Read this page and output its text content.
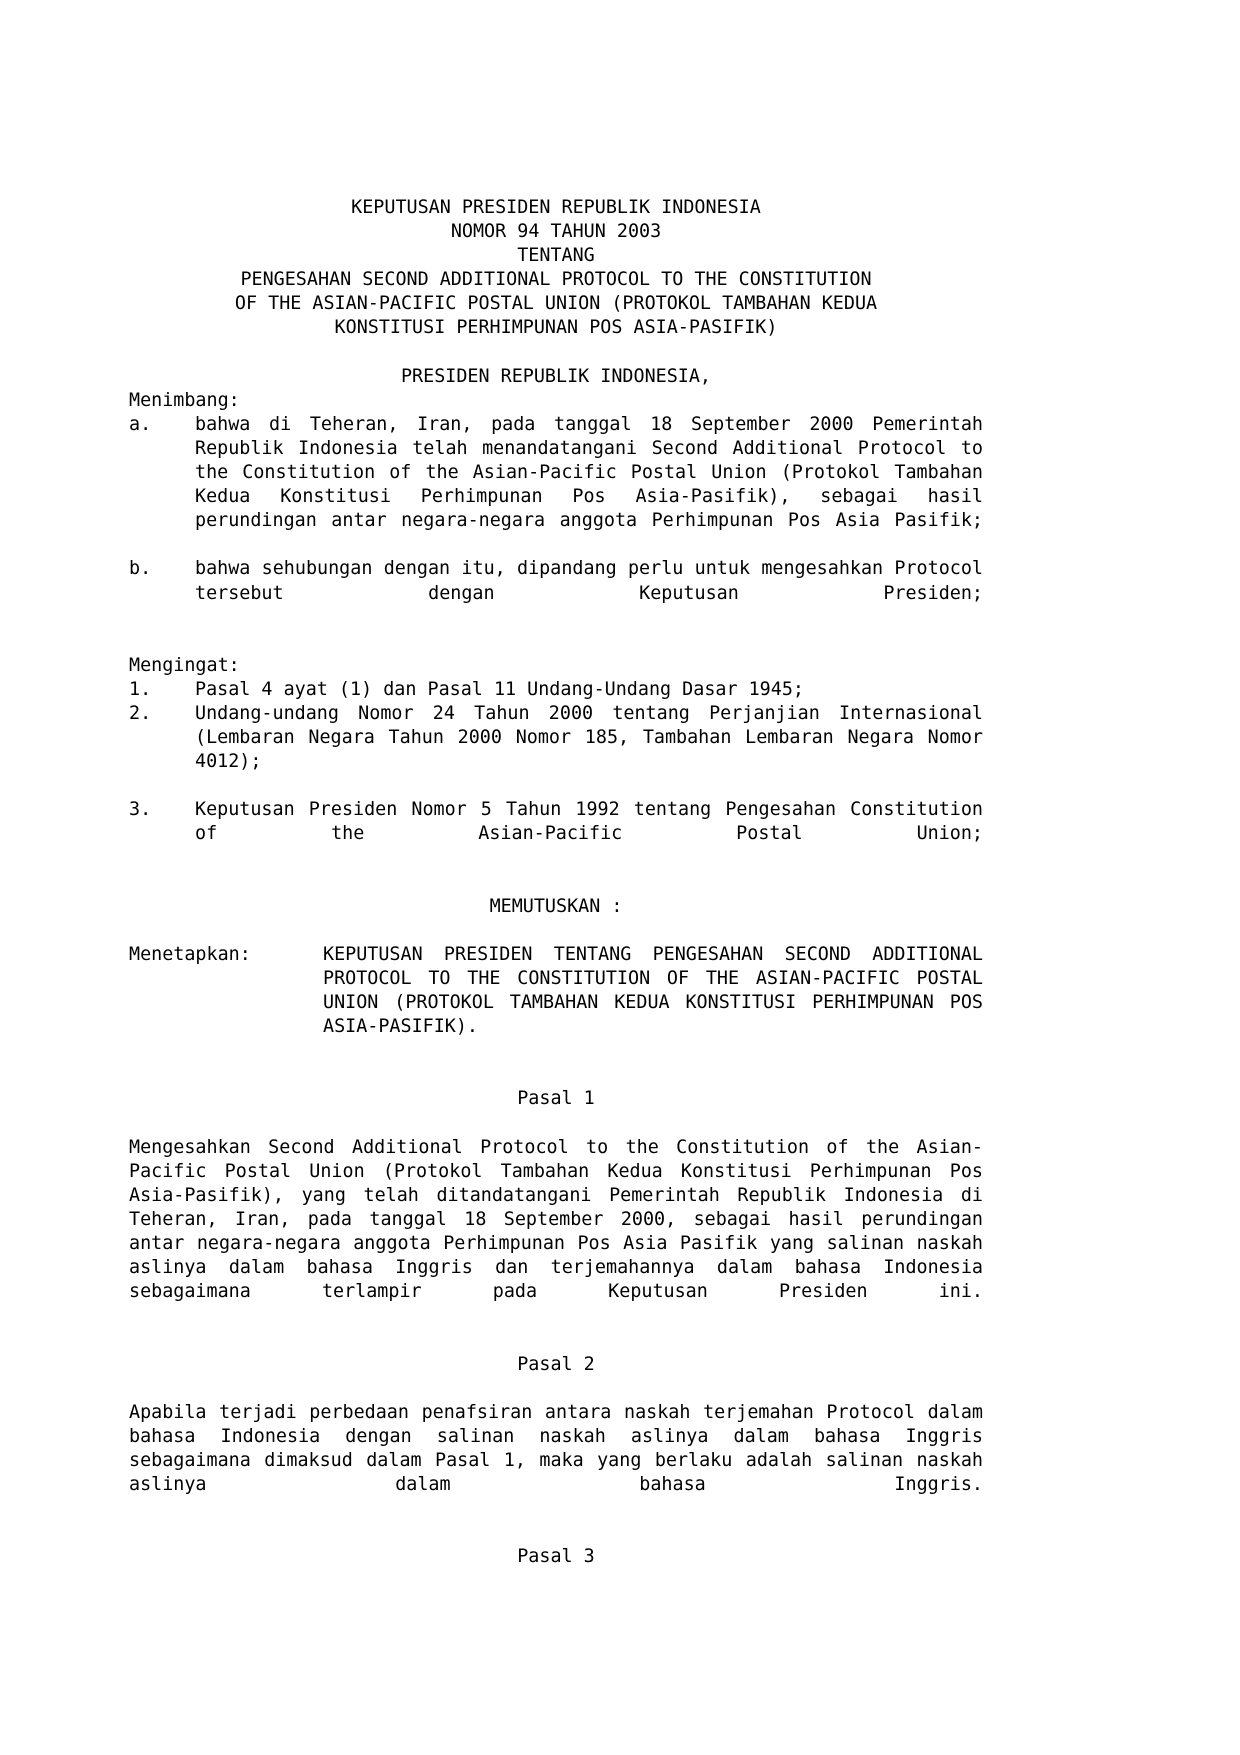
KEPUTUSAN PRESIDEN REPUBLIK INDONESIA
NOMOR 94 TAHUN 2003
TENTANG
PENGESAHAN SECOND ADDITIONAL PROTOCOL TO THE CONSTITUTION
OF THE ASIAN-PACIFIC POSTAL UNION (PROTOKOL TAMBAHAN KEDUA
KONSTITUSI PERHIMPUNAN POS ASIA-PASIFIK)
PRESIDEN REPUBLIK INDONESIA,
Menimbang:
a.	bahwa di Teheran, Iran, pada tanggal 18 September 2000 Pemerintah Republik Indonesia telah menandatangani Second Additional Protocol to the Constitution of the Asian-Pacific Postal Union (Protokol Tambahan Kedua Konstitusi Perhimpunan Pos Asia-Pasifik), sebagai hasil perundingan antar negara-negara anggota Perhimpunan Pos Asia Pasifik;
b.	bahwa sehubungan dengan itu, dipandang perlu untuk mengesahkan Protocol tersebut dengan Keputusan Presiden;
Mengingat:
1.	Pasal 4 ayat (1) dan Pasal 11 Undang-Undang Dasar 1945;
2.	Undang-undang Nomor 24 Tahun 2000 tentang Perjanjian Internasional (Lembaran Negara Tahun 2000 Nomor 185, Tambahan Lembaran Negara Nomor 4012);
3.	Keputusan Presiden Nomor 5 Tahun 1992 tentang Pengesahan Constitution of the Asian-Pacific Postal Union;
MEMUTUSKAN :
Menetapkan:	KEPUTUSAN PRESIDEN TENTANG PENGESAHAN SECOND ADDITIONAL PROTOCOL TO THE CONSTITUTION OF THE ASIAN-PACIFIC POSTAL UNION (PROTOKOL TAMBAHAN KEDUA KONSTITUSI PERHIMPUNAN POS ASIA-PASIFIK).
Pasal 1
Mengesahkan Second Additional Protocol to the Constitution of the Asian-Pacific Postal Union (Protokol Tambahan Kedua Konstitusi Perhimpunan Pos Asia-Pasifik), yang telah ditandatangani Pemerintah Republik Indonesia di Teheran, Iran, pada tanggal 18 September 2000, sebagai hasil perundingan antar negara-negara anggota Perhimpunan Pos Asia Pasifik yang salinan naskah aslinya dalam bahasa Inggris dan terjemahannya dalam bahasa Indonesia sebagaimana terlampir pada Keputusan Presiden ini.
Pasal 2
Apabila terjadi perbedaan penafsiran antara naskah terjemahan Protocol dalam bahasa Indonesia dengan salinan naskah aslinya dalam bahasa Inggris sebagaimana dimaksud dalam Pasal 1, maka yang berlaku adalah salinan naskah aslinya dalam bahasa Inggris.
Pasal 3
